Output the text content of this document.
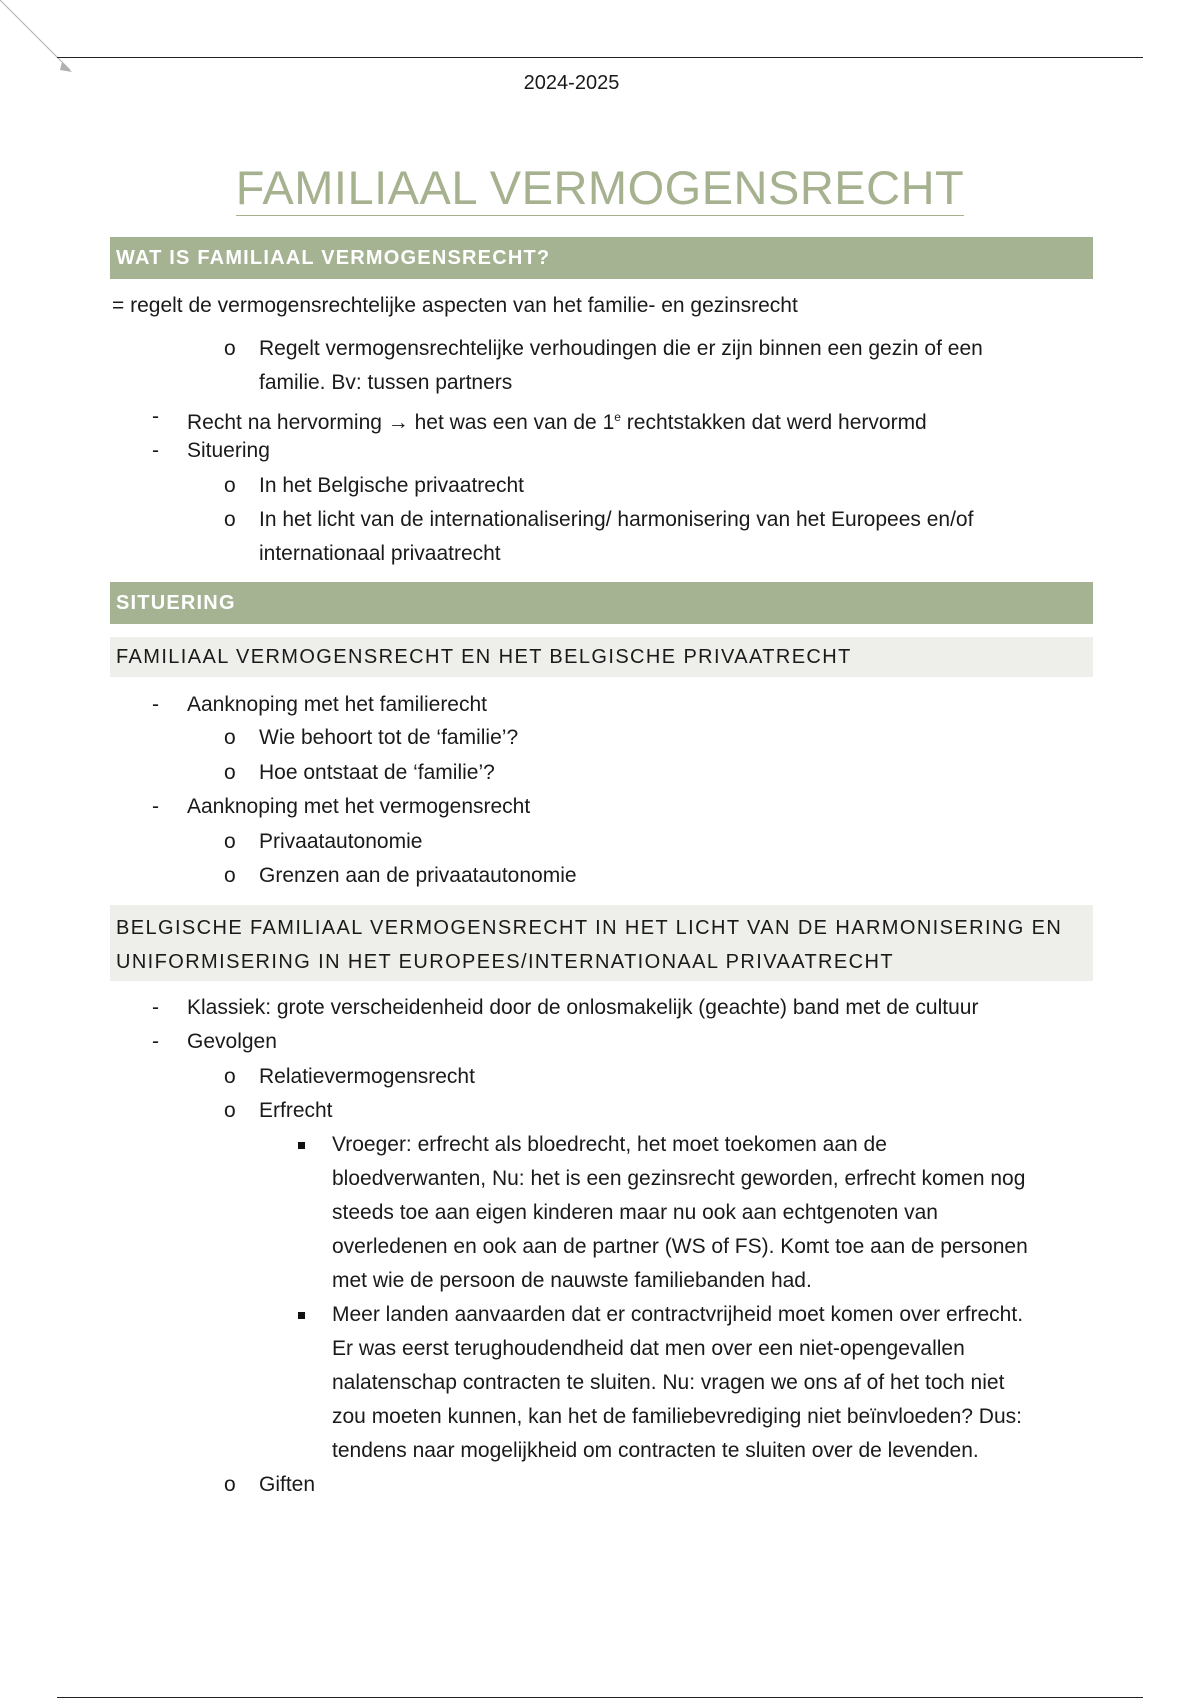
2024-2025
FAMILIAAL VERMOGENSRECHT
WAT IS FAMILIAAL VERMOGENSRECHT?
= regelt de vermogensrechtelijke aspecten van het familie- en gezinsrecht
o Regelt vermogensrechtelijke verhoudingen die er zijn binnen een gezin of een
familie. Bv: tussen partners
- Recht na hervorming → het was een van de 1e rechtstakken dat werd hervormd
- Situering
o In het Belgische privaatrecht
o In het licht van de internationalisering/ harmonisering van het Europees en/of
internationaal privaatrecht
SITUERING
FAMILIAAL VERMOGENSRECHT EN HET BELGISCHE PRIVAATRECHT
- Aanknoping met het familierecht
o Wie behoort tot de ‘familie’?
o Hoe ontstaat de ‘familie’?
- Aanknoping met het vermogensrecht
o Privaatautonomie
o Grenzen aan de privaatautonomie
BELGISCHE FAMILIAAL VERMOGENSRECHT IN HET LICHT VAN DE HARMONISERING EN
UNIFORMISERING IN HET EUROPEES/INTERNATIONAAL PRIVAATRECHT
- Klassiek: grote verscheidenheid door de onlosmakelijk (geachte) band met de cultuur
- Gevolgen
o Relatievermogensrecht
o Erfrecht
Vroeger: erfrecht als bloedrecht, het moet toekomen aan de
bloedverwanten, Nu: het is een gezinsrecht geworden, erfrecht komen nog
steeds toe aan eigen kinderen maar nu ook aan echtgenoten van
overledenen en ook aan de partner (WS of FS). Komt toe aan de personen
met wie de persoon de nauwste familiebanden had.
Meer landen aanvaarden dat er contractvrijheid moet komen over erfrecht.
Er was eerst terughoudendheid dat men over een niet-opengevallen
nalatenschap contracten te sluiten. Nu: vragen we ons af of het toch niet
zou moeten kunnen, kan het de familiebevrediging niet beïnvloeden? Dus:
tendens naar mogelijkheid om contracten te sluiten over de levenden.
o Giften
